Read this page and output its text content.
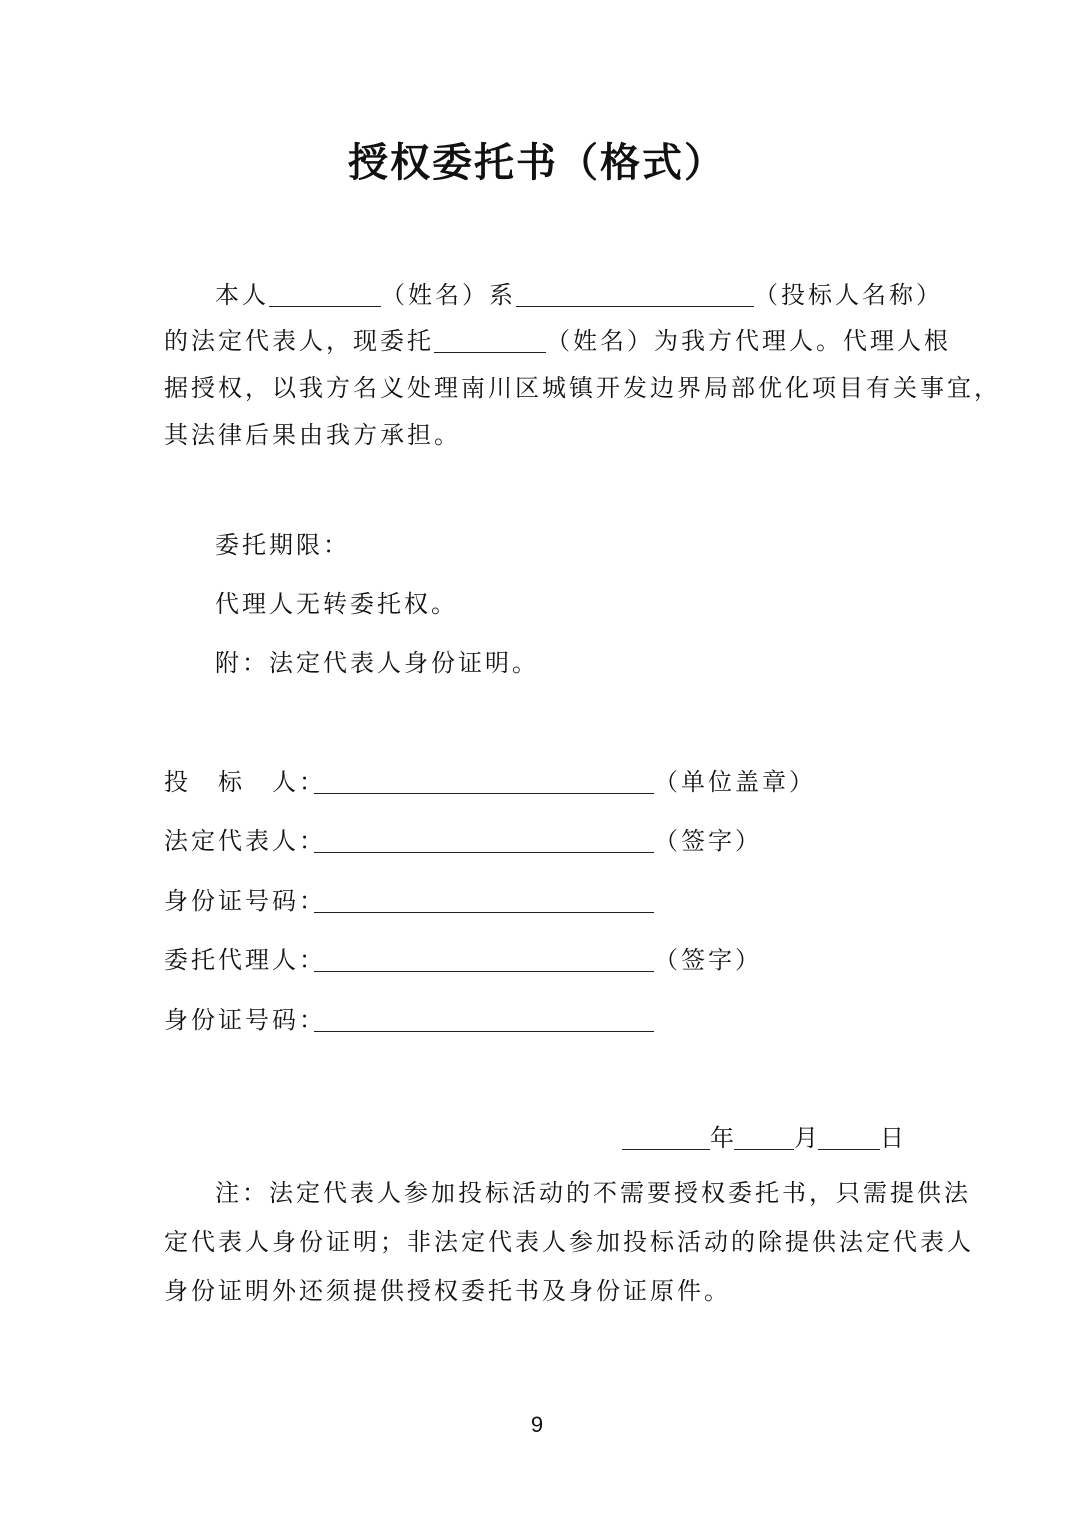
授权委托书（格式）
本人	（姓名）系	（投标人名称）
的法定代表人，现委托	（姓名）为我方代理人。代理人根
据授权，以我方名义处理南川区城镇开发边界局部优化项目有关事宜，
其法律后果由我方承担。
委托期限：
代理人无转委托权。
附：法定代表人身份证明。
投　标　人：	（单位盖章）
法定代表人：	（签字）
身份证号码：
委托代理人：	（签字）
身份证号码：
年	月	日
注：法定代表人参加投标活动的不需要授权委托书，只需提供法
定代表人身份证明；非法定代表人参加投标活动的除提供法定代表人
身份证明外还须提供授权委托书及身份证原件。
9
